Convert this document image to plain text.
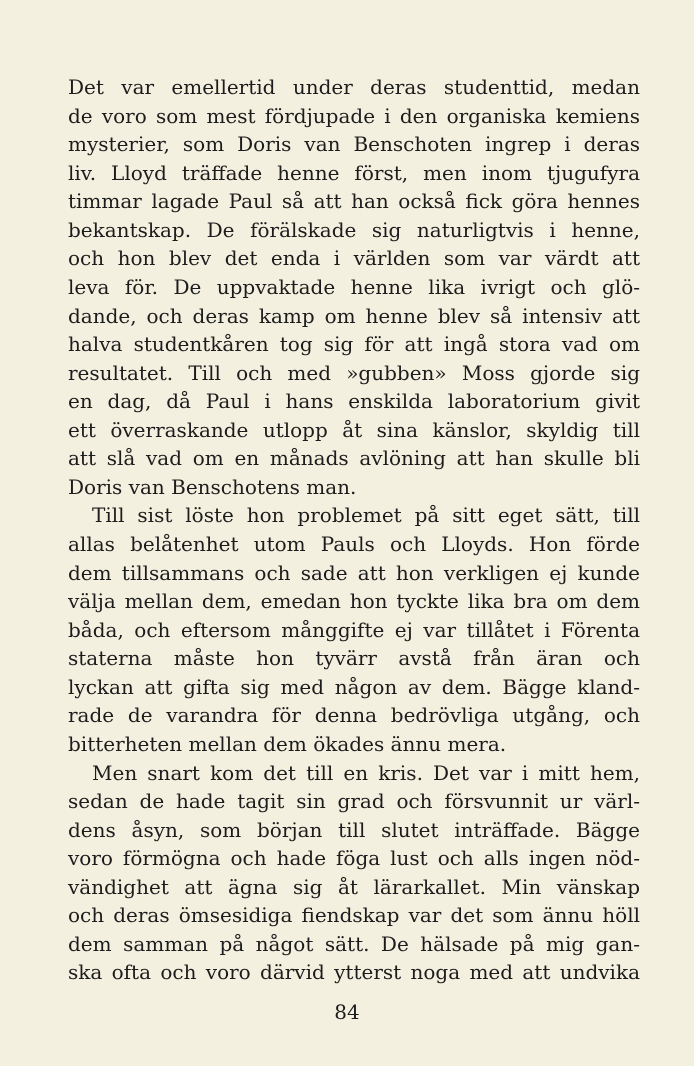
Det var emellertid under deras studenttid, medan
de voro som mest fördjupade i den organiska kemiens
mysterier, som Doris van Benschoten ingrep i deras
liv. Lloyd träffade henne först, men inom tjugufyra
timmar lagade Paul så att han också fick göra hennes
bekantskap. De förälskade sig naturligtvis i henne,
och hon blev det enda i världen som var värdt att
leva för. De uppvaktade henne lika ivrigt och glö-
dande, och deras kamp om henne blev så intensiv att
halva studentkåren tog sig för att ingå stora vad om
resultatet. Till och med »gubben» Moss gjorde sig
en dag, då Paul i hans enskilda laboratorium givit
ett överraskande utlopp åt sina känslor, skyldig till
att slå vad om en månads avlöning att han skulle bli
Doris van Benschotens man.
Till sist löste hon problemet på sitt eget sätt, till
allas belåtenhet utom Pauls och Lloyds. Hon förde
dem tillsammans och sade att hon verkligen ej kunde
välja mellan dem, emedan hon tyckte lika bra om dem
båda, och eftersom månggifte ej var tillåtet i Förenta
staterna måste hon tyvärr avstå från äran och
lyckan att gifta sig med någon av dem. Bägge kland-
rade de varandra för denna bedrövliga utgång, och
bitterheten mellan dem ökades ännu mera.
Men snart kom det till en kris. Det var i mitt hem,
sedan de hade tagit sin grad och försvunnit ur värl-
dens åsyn, som början till slutet inträffade. Bägge
voro förmögna och hade föga lust och alls ingen nöd-
vändighet att ägna sig åt lärarkallet. Min vänskap
och deras ömsesidiga fiendskap var det som ännu höll
dem samman på något sätt. De hälsade på mig gan-
ska ofta och voro därvid ytterst noga med att undvika
84
